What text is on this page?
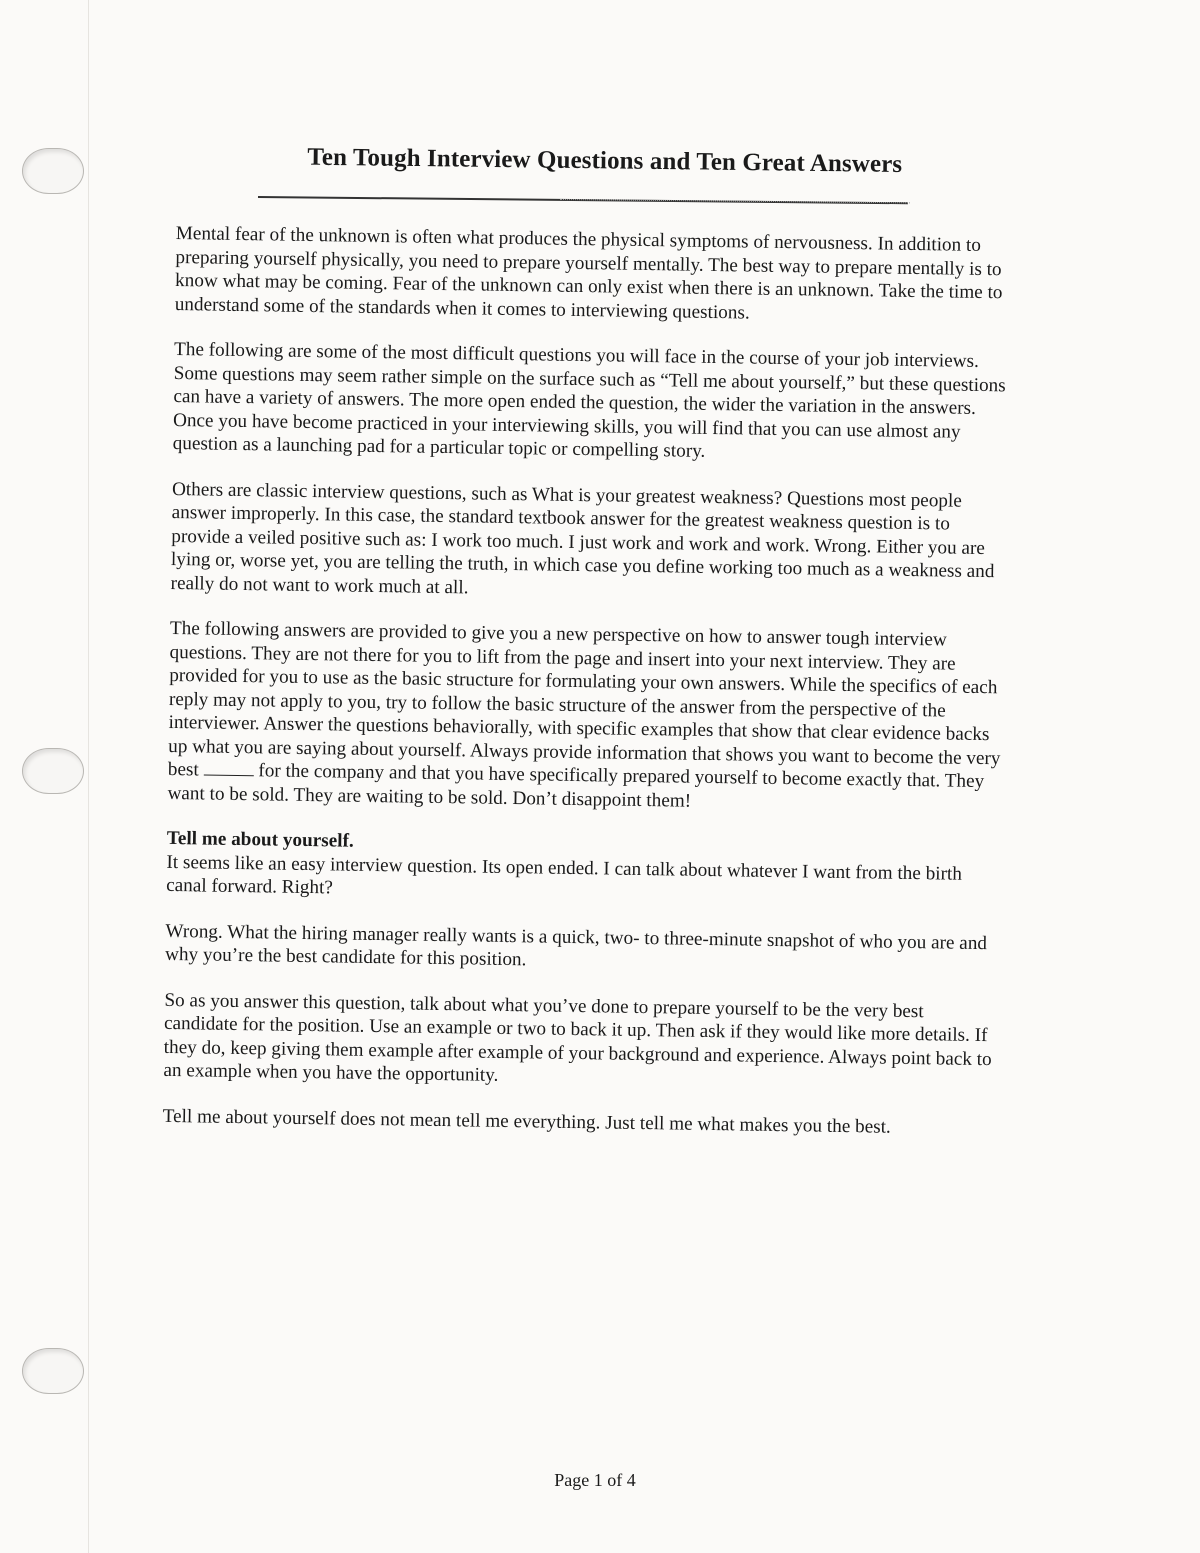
Ten Tough Interview Questions and Ten Great Answers

Mental fear of the unknown is often what produces the physical symptoms of nervousness. In addition to preparing yourself physically, you need to prepare yourself mentally. The best way to prepare mentally is to know what may be coming. Fear of the unknown can only exist when there is an unknown. Take the time to understand some of the standards when it comes to interviewing questions.

The following are some of the most difficult questions you will face in the course of your job interviews. Some questions may seem rather simple on the surface such as “Tell me about yourself,” but these questions can have a variety of answers. The more open ended the question, the wider the variation in the answers. Once you have become practiced in your interviewing skills, you will find that you can use almost any question as a launching pad for a particular topic or compelling story.

Others are classic interview questions, such as What is your greatest weakness? Questions most people answer improperly. In this case, the standard textbook answer for the greatest weakness question is to provide a veiled positive such as: I work too much. I just work and work and work. Wrong. Either you are lying or, worse yet, you are telling the truth, in which case you define working too much as a weakness and really do not want to work much at all.

The following answers are provided to give you a new perspective on how to answer tough interview questions. They are not there for you to lift from the page and insert into your next interview. They are provided for you to use as the basic structure for formulating your own answers. While the specifics of each reply may not apply to you, try to follow the basic structure of the answer from the perspective of the interviewer. Answer the questions behaviorally, with specific examples that show that clear evidence backs up what you are saying about yourself. Always provide information that shows you want to become the very best	for the company and that you have specifically prepared yourself to become exactly that. They want to be sold. They are waiting to be sold. Don’t disappoint them!

Tell me about yourself.
It seems like an easy interview question. Its open ended. I can talk about whatever I want from the birth canal forward. Right?

Wrong. What the hiring manager really wants is a quick, two- to three-minute snapshot of who you are and why you’re the best candidate for this position.

So as you answer this question, talk about what you’ve done to prepare yourself to be the very best candidate for the position. Use an example or two to back it up. Then ask if they would like more details. If they do, keep giving them example after example of your background and experience. Always point back to an example when you have the opportunity.

Tell me about yourself does not mean tell me everything. Just tell me what makes you the best.

Page 1 of 4
